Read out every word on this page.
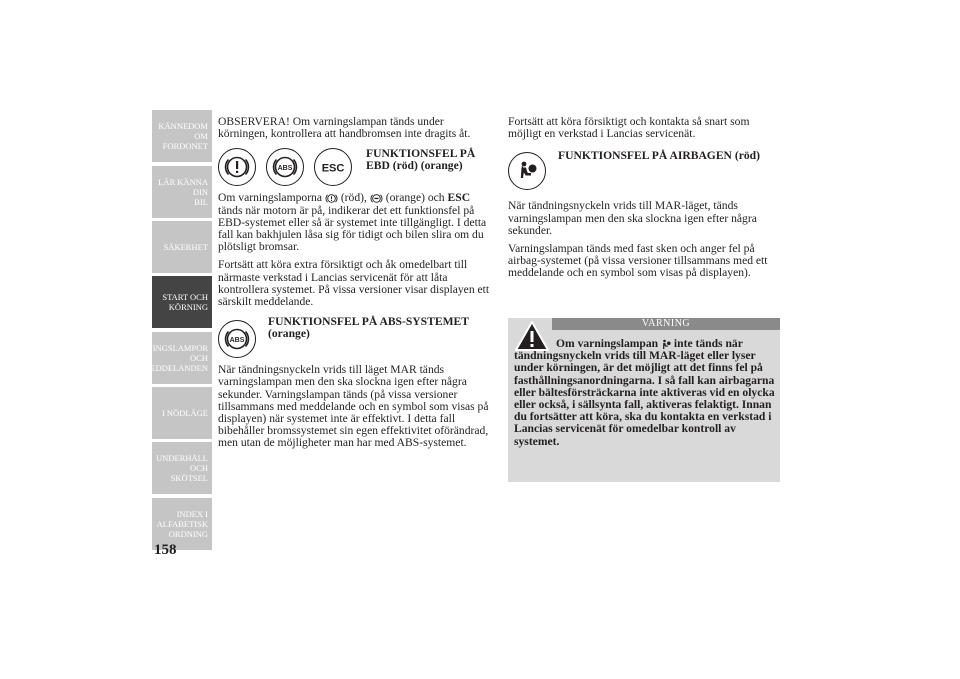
KÄNNEDOM OM
FORDONET
LÄR KÄNNA DIN
BIL
SÄKERHET
START OCH
KÖRNING
VARNINGSLAMPOR
OCH
MEDDELANDEN
I NÖDLÄGE
UNDERHÅLL OCH
SKÖTSEL
INDEX I
ALFABETISK
ORDNING
158

OBSERVERA! Om varningslampan tänds under körningen, kontrollera att handbromsen inte dragits åt.

ABS	ESC
FUNKTIONSFEL PÅ
EBD (röd) (orange)

Om varningslamporna (röd), (orange) och ESC tänds när motorn är på, indikerar det ett funktionsfel på EBD-systemet eller så är systemet inte tillgängligt. I detta fall kan bakhjulen låsa sig för tidigt och bilen slira om du plötsligt bromsar.

Fortsätt att köra extra försiktigt och åk omedelbart till närmaste verkstad i Lancias servicenät för att låta kontrollera systemet. På vissa versioner visar displayen ett särskilt meddelande.

ABS
FUNKTIONSFEL PÅ ABS-SYSTEMET (orange)

När tändningsnyckeln vrids till läget MAR tänds varningslampan men den ska slockna igen efter några sekunder. Varningslampan tänds (på vissa versioner tillsammans med meddelande och en symbol som visas på displayen) när systemet inte är effektivt. I detta fall bibehåller bromssystemet sin egen effektivitet oförändrad, men utan de möjligheter man har med ABS-systemet.

Fortsätt att köra försiktigt och kontakta så snart som möjligt en verkstad i Lancias servicenät.

FUNKTIONSFEL PÅ AIRBAGEN (röd)

När tändningsnyckeln vrids till MAR-läget, tänds varningslampan men den ska slockna igen efter några sekunder.

Varningslampan tänds med fast sken och anger fel på airbag-systemet (på vissa versioner tillsammans med ett meddelande och en symbol som visas på displayen).

VARNING
Om varningslampan inte tänds när tändningsnyckeln vrids till MAR-läget eller lyser under körningen, är det möjligt att det finns fel på fasthållningsanordningarna. I så fall kan airbagarna eller bältesförsträckarna inte aktiveras vid en olycka eller också, i sällsynta fall, aktiveras felaktigt. Innan du fortsätter att köra, ska du kontakta en verkstad i Lancias servicenät för omedelbar kontroll av systemet.
